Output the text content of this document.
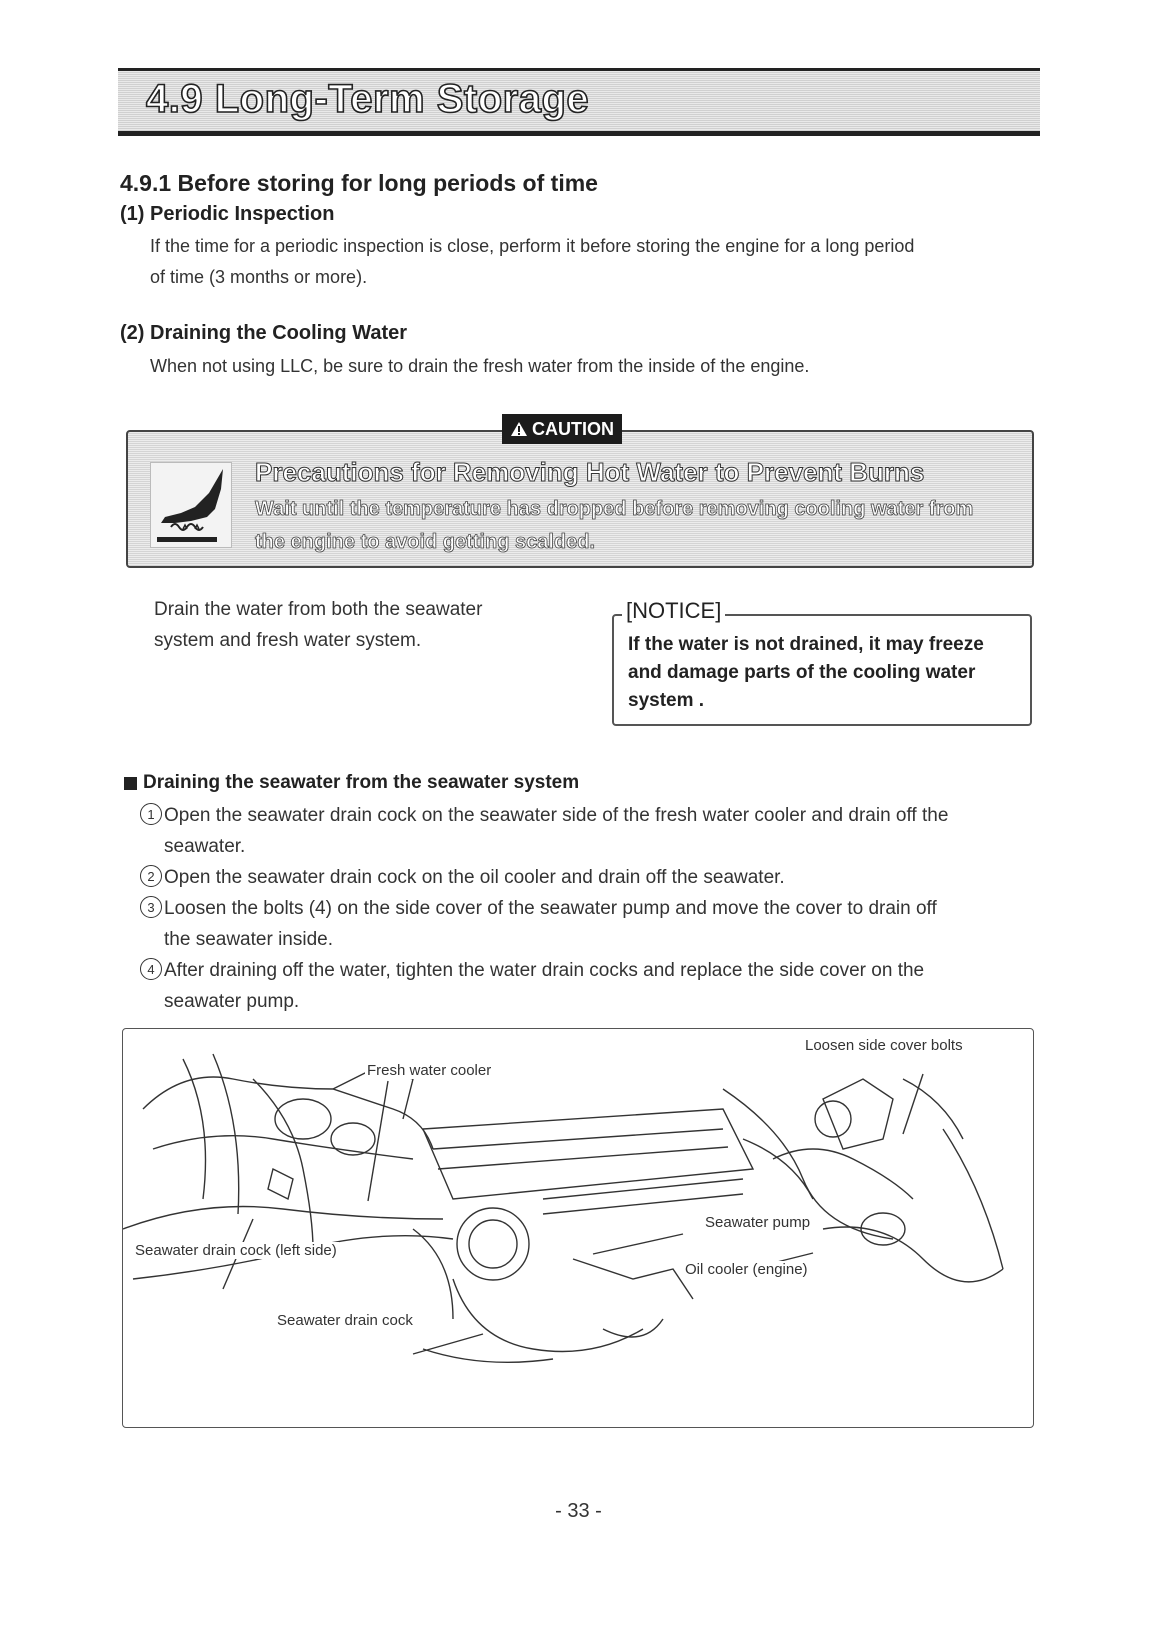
4.9 Long-Term Storage
4.9.1 Before storing for long periods of time
(1) Periodic Inspection
If the time for a periodic inspection is close, perform it before storing the engine for a long period
of time (3 months or more).
(2) Draining the Cooling Water
When not using LLC, be sure to drain the fresh water from the inside of the engine.
CAUTION
Precautions for Removing Hot Water to Prevent Burns
Wait until the temperature has dropped before removing cooling water from
the engine to avoid getting scalded.
Drain the water from both the seawater
system and fresh water system.
[NOTICE]
If the water is not drained, it may freeze
and damage parts of the cooling water
system .
Draining the seawater from the seawater system
1 Open the seawater drain cock on the seawater side of the fresh water cooler and drain off the
seawater.
2 Open the seawater drain cock on the oil cooler and drain off the seawater.
3 Loosen the bolts (4) on the side cover of the seawater pump and move the cover to drain off
the seawater inside.
4 After draining off the water, tighten the water drain cocks and replace the side cover on the
seawater pump.
Fresh water cooler
Loosen side cover bolts
Seawater pump
Seawater drain cock (left side)
Oil cooler (engine)
Seawater drain cock
- 33 -
